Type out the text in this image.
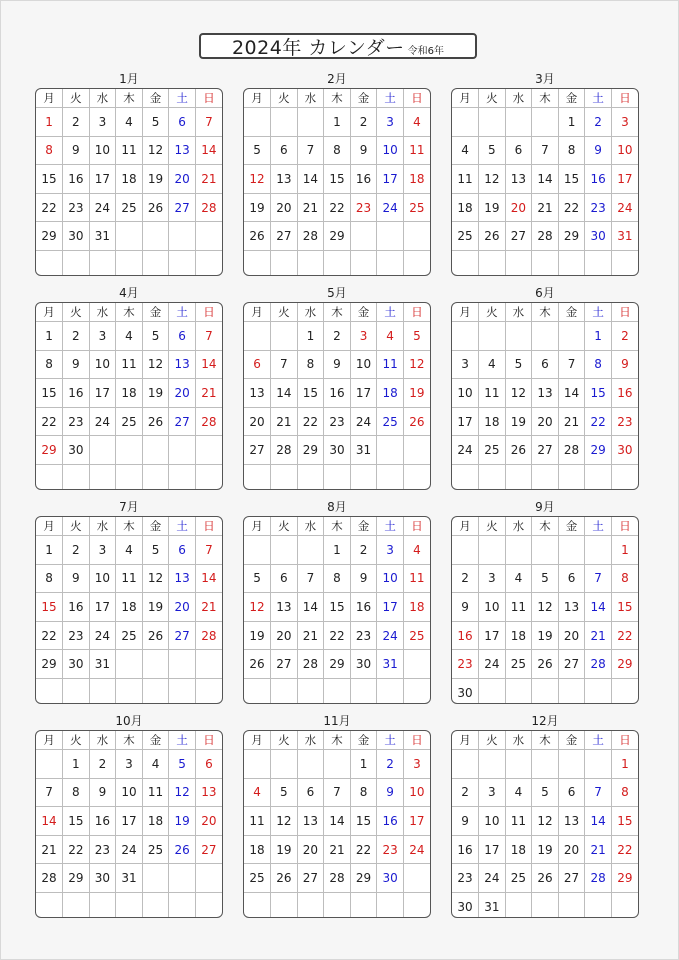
2024年 カレンダー 令和6年
1月
月	火	水	木	金	土	日
1	2	3	4	5	6	7
8	9	10	11	12	13	14
15	16	17	18	19	20	21
22	23	24	25	26	27	28
29	30	31				

2月
月	火	水	木	金	土	日
			1	2	3	4
5	6	7	8	9	10	11
12	13	14	15	16	17	18
19	20	21	22	23	24	25
26	27	28	29			

3月
月	火	水	木	金	土	日
				1	2	3
4	5	6	7	8	9	10
11	12	13	14	15	16	17
18	19	20	21	22	23	24
25	26	27	28	29	30	31

4月
月	火	水	木	金	土	日
1	2	3	4	5	6	7
8	9	10	11	12	13	14
15	16	17	18	19	20	21
22	23	24	25	26	27	28
29	30					

5月
月	火	水	木	金	土	日
		1	2	3	4	5
6	7	8	9	10	11	12
13	14	15	16	17	18	19
20	21	22	23	24	25	26
27	28	29	30	31		

6月
月	火	水	木	金	土	日
					1	2
3	4	5	6	7	8	9
10	11	12	13	14	15	16
17	18	19	20	21	22	23
24	25	26	27	28	29	30

7月
月	火	水	木	金	土	日
1	2	3	4	5	6	7
8	9	10	11	12	13	14
15	16	17	18	19	20	21
22	23	24	25	26	27	28
29	30	31				

8月
月	火	水	木	金	土	日
			1	2	3	4
5	6	7	8	9	10	11
12	13	14	15	16	17	18
19	20	21	22	23	24	25
26	27	28	29	30	31	

9月
月	火	水	木	金	土	日
						1
2	3	4	5	6	7	8
9	10	11	12	13	14	15
16	17	18	19	20	21	22
23	24	25	26	27	28	29
30						
10月
月	火	水	木	金	土	日
	1	2	3	4	5	6
7	8	9	10	11	12	13
14	15	16	17	18	19	20
21	22	23	24	25	26	27
28	29	30	31			

11月
月	火	水	木	金	土	日
				1	2	3
4	5	6	7	8	9	10
11	12	13	14	15	16	17
18	19	20	21	22	23	24
25	26	27	28	29	30	

12月
月	火	水	木	金	土	日
						1
2	3	4	5	6	7	8
9	10	11	12	13	14	15
16	17	18	19	20	21	22
23	24	25	26	27	28	29
30	31					
